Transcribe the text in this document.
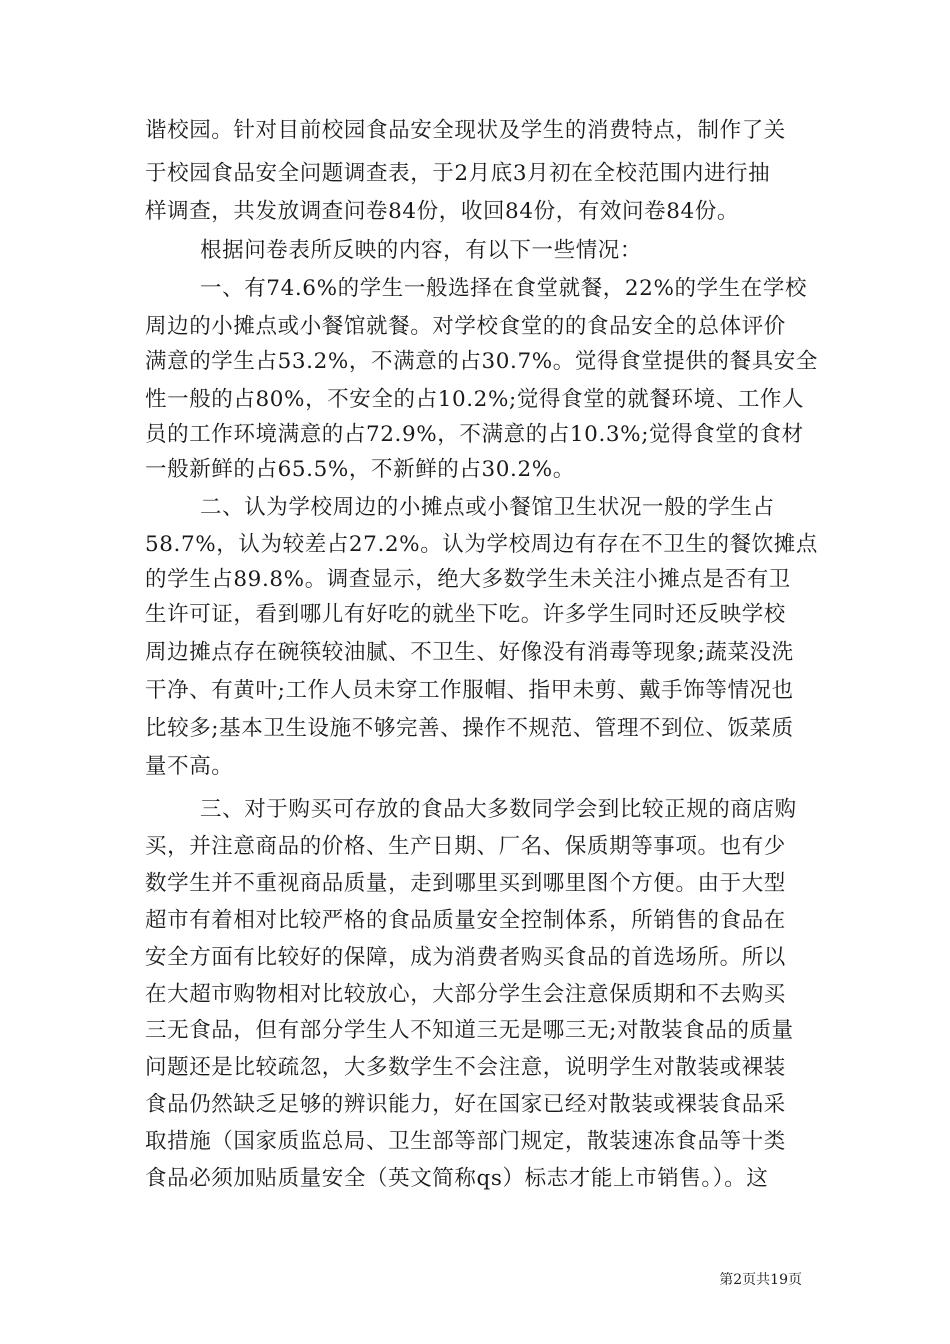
谐校园。针对目前校园食品安全现状及学生的消费特点，制作了关
于校园食品安全问题调查表，于2月底3月初在全校范围内进行抽
样调查，共发放调查问卷84份，收回84份，有效问卷84份。
根据问卷表所反映的内容，有以下一些情况：
一、有74.6%的学生一般选择在食堂就餐，22%的学生在学校
周边的小摊点或小餐馆就餐。对学校食堂的的食品安全的总体评价
满意的学生占53.2%，不满意的占30.7%。觉得食堂提供的餐具安全
性一般的占80%，不安全的占10.2%;觉得食堂的就餐环境、工作人
员的工作环境满意的占72.9%，不满意的占10.3%;觉得食堂的食材
一般新鲜的占65.5%，不新鲜的占30.2%。
二、认为学校周边的小摊点或小餐馆卫生状况一般的学生占
58.7%，认为较差占27.2%。认为学校周边有存在不卫生的餐饮摊点
的学生占89.8%。调查显示，绝大多数学生未关注小摊点是否有卫
生许可证，看到哪儿有好吃的就坐下吃。许多学生同时还反映学校
周边摊点存在碗筷较油腻、不卫生、好像没有消毒等现象;蔬菜没洗
干净、有黄叶;工作人员未穿工作服帽、指甲未剪、戴手饰等情况也
比较多;基本卫生设施不够完善、操作不规范、管理不到位、饭菜质
量不高。
三、对于购买可存放的食品大多数同学会到比较正规的商店购
买，并注意商品的价格、生产日期、厂名、保质期等事项。也有少
数学生并不重视商品质量，走到哪里买到哪里图个方便。由于大型
超市有着相对比较严格的食品质量安全控制体系，所销售的食品在
安全方面有比较好的保障，成为消费者购买食品的首选场所。所以
在大超市购物相对比较放心，大部分学生会注意保质期和不去购买
三无食品，但有部分学生人不知道三无是哪三无;对散装食品的质量
问题还是比较疏忽，大多数学生不会注意，说明学生对散装或裸装
食品仍然缺乏足够的辨识能力，好在国家已经对散装或裸装食品采
取措施（国家质监总局、卫生部等部门规定，散装速冻食品等十类
食品必须加贴质量安全（英文简称qs）标志才能上市销售。）。这
第2页共19页
